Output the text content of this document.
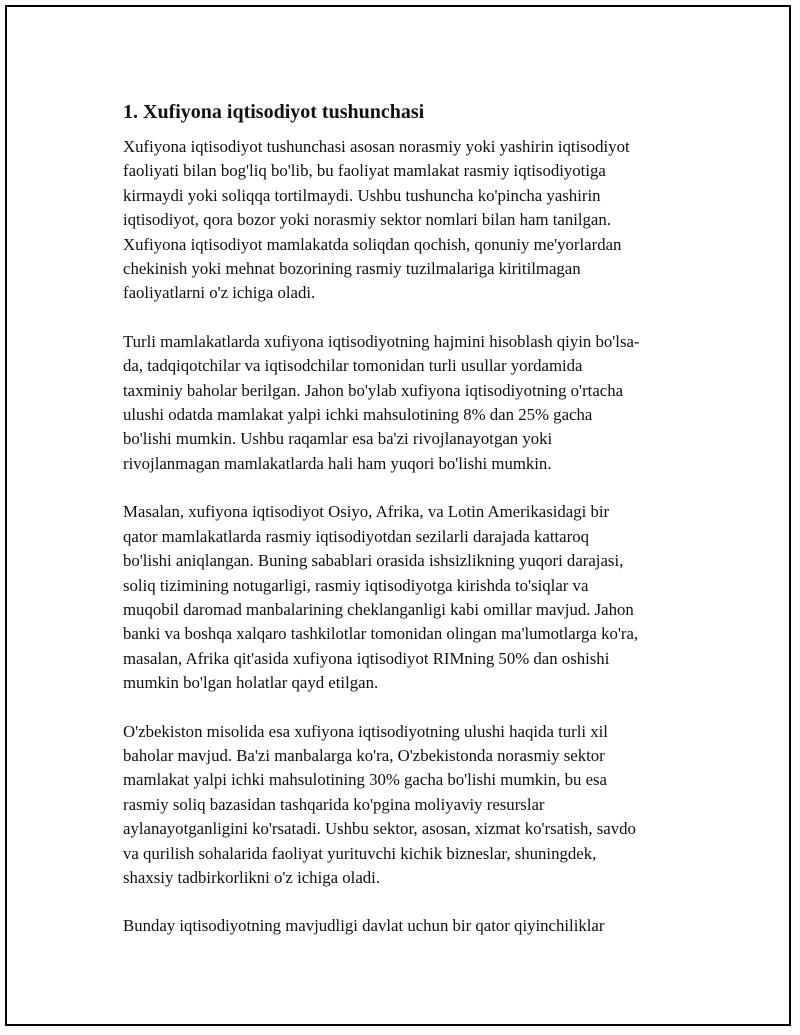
1. Xufiyona iqtisodiyot tushunchasi
Xufiyona iqtisodiyot tushunchasi asosan norasmiy yoki yashirin iqtisodiyot
faoliyati bilan bog'liq bo'lib, bu faoliyat mamlakat rasmiy iqtisodiyotiga
kirmaydi yoki soliqqa tortilmaydi. Ushbu tushuncha ko'pincha yashirin
iqtisodiyot, qora bozor yoki norasmiy sektor nomlari bilan ham tanilgan.
Xufiyona iqtisodiyot mamlakatda soliqdan qochish, qonuniy me'yorlardan
chekinish yoki mehnat bozorining rasmiy tuzilmalariga kiritilmagan
faoliyatlarni o'z ichiga oladi.
Turli mamlakatlarda xufiyona iqtisodiyotning hajmini hisoblash qiyin bo'lsa-
da, tadqiqotchilar va iqtisodchilar tomonidan turli usullar yordamida
taxminiy baholar berilgan. Jahon bo'ylab xufiyona iqtisodiyotning o'rtacha
ulushi odatda mamlakat yalpi ichki mahsulotining 8% dan 25% gacha
bo'lishi mumkin. Ushbu raqamlar esa ba'zi rivojlanayotgan yoki
rivojlanmagan mamlakatlarda hali ham yuqori bo'lishi mumkin.
Masalan, xufiyona iqtisodiyot Osiyo, Afrika, va Lotin Amerikasidagi bir
qator mamlakatlarda rasmiy iqtisodiyotdan sezilarli darajada kattaroq
bo'lishi aniqlangan. Buning sabablari orasida ishsizlikning yuqori darajasi,
soliq tizimining notugarligi, rasmiy iqtisodiyotga kirishda to'siqlar va
muqobil daromad manbalarining cheklanganligi kabi omillar mavjud. Jahon
banki va boshqa xalqaro tashkilotlar tomonidan olingan ma'lumotlarga ko'ra,
masalan, Afrika qit'asida xufiyona iqtisodiyot RIMning 50% dan oshishi
mumkin bo'lgan holatlar qayd etilgan.
O'zbekiston misolida esa xufiyona iqtisodiyotning ulushi haqida turli xil
baholar mavjud. Ba'zi manbalarga ko'ra, O'zbekistonda norasmiy sektor
mamlakat yalpi ichki mahsulotining 30% gacha bo'lishi mumkin, bu esa
rasmiy soliq bazasidan tashqarida ko'pgina moliyaviy resurslar
aylanayotganligini ko'rsatadi. Ushbu sektor, asosan, xizmat ko'rsatish, savdo
va qurilish sohalarida faoliyat yurituvchi kichik bizneslar, shuningdek,
shaxsiy tadbirkorlikni o'z ichiga oladi.
Bunday iqtisodiyotning mavjudligi davlat uchun bir qator qiyinchiliklar
